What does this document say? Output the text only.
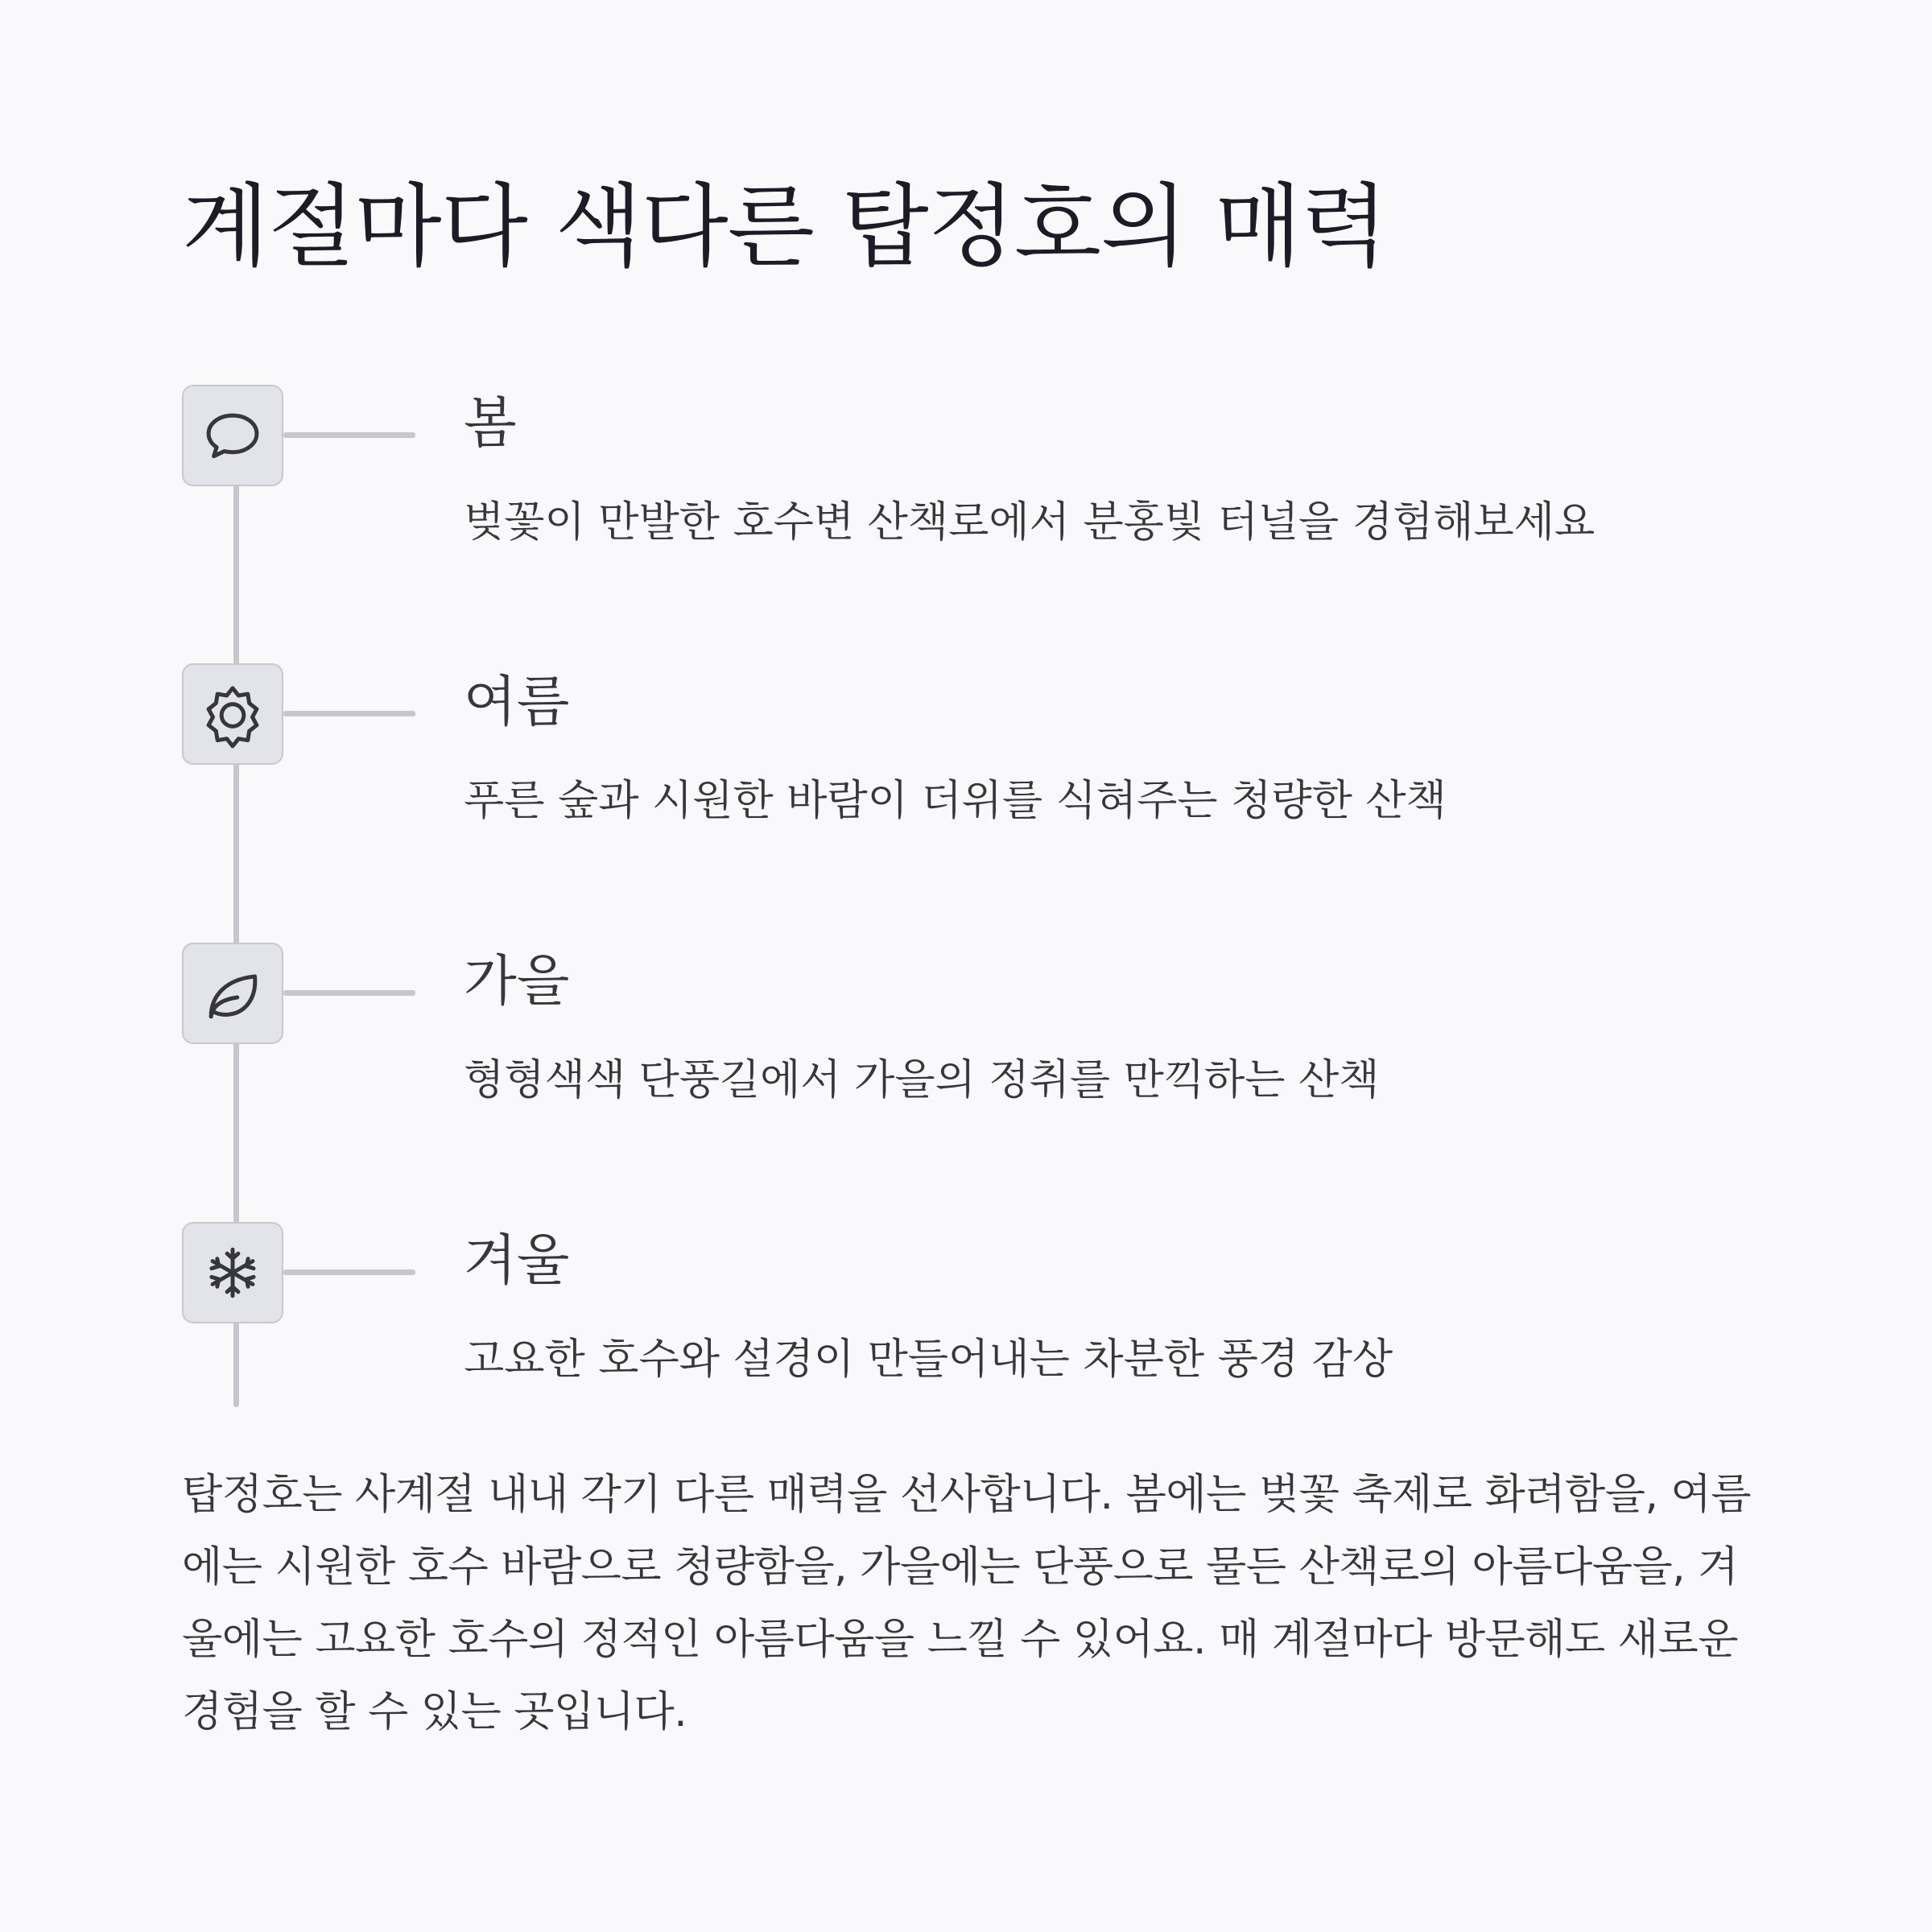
계절마다 색다른 탑정호의 매력
봄
벚꽃이 만발한 호수변 산책로에서 분홍빛 터널을 경험해보세요
여름
푸른 숲과 시원한 바람이 더위를 식혀주는 청량한 산책
가을
형형색색 단풍길에서 가을의 정취를 만끽하는 산책
겨울
고요한 호수와 설경이 만들어내는 차분한 풍경 감상

탑정호는 사계절 내내 각기 다른 매력을 선사합니다. 봄에는 벚꽃 축제로 화려함을, 여름에는 시원한 호수 바람으로 청량함을, 가을에는 단풍으로 물든 산책로의 아름다움을, 겨울에는 고요한 호수의 정적인 아름다움을 느낄 수 있어요. 매 계절마다 방문해도 새로운 경험을 할 수 있는 곳입니다.
